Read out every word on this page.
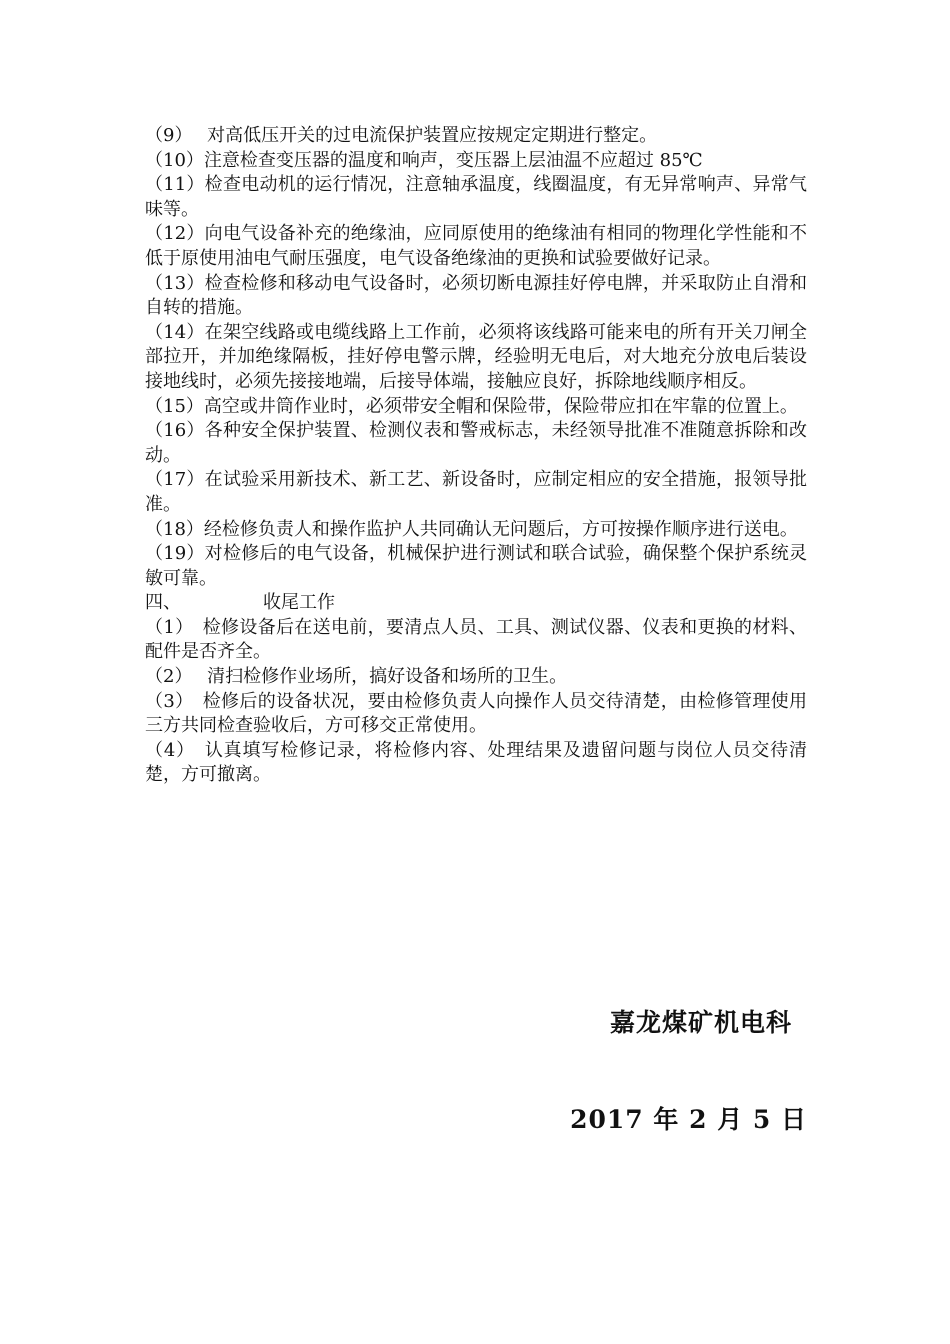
（9）　 对高低压开关的过电流保护装置应按规定定期进行整定。

（10）注意检查变压器的温度和响声，变压器上层油温不应超过 85℃

（11）检查电动机的运行情况，注意轴承温度，线圈温度，有无异常响声、异常气味等。

（12）向电气设备补充的绝缘油，应同原使用的绝缘油有相同的物理化学性能和不低于原使用油电气耐压强度，电气设备绝缘油的更换和试验要做好记录。

（13）检查检修和移动电气设备时，必须切断电源挂好停电牌，并采取防止自滑和自转的措施。

（14）在架空线路或电缆线路上工作前，必须将该线路可能来电的所有开关刀闸全部拉开，并加绝缘隔板，挂好停电警示牌，经验明无电后，对大地充分放电后装设接地线时，必须先接接地端，后接导体端，接触应良好，拆除地线顺序相反。

（15）高空或井筒作业时，必须带安全帽和保险带，保险带应扣在牢靠的位置上。

（16）各种安全保护装置、检测仪表和警戒标志，未经领导批准不准随意拆除和改动。

（17）在试验采用新技术、新工艺、新设备时，应制定相应的安全措施，报领导批准。

（18）经检修负责人和操作监护人共同确认无问题后，方可按操作顺序进行送电。

（19）对检修后的电气设备，机械保护进行测试和联合试验，确保整个保护系统灵敏可靠。

四、	收尾工作

（1）　检修设备后在送电前，要清点人员、工具、测试仪器、仪表和更换的材料、配件是否齐全。

（2）　 清扫检修作业场所，搞好设备和场所的卫生。

（3）　检修后的设备状况，要由检修负责人向操作人员交待清楚，由检修管理使用三方共同检查验收后，方可移交正常使用。

（4）　认真填写检修记录，将检修内容、处理结果及遗留问题与岗位人员交待清楚，方可撤离。

嘉龙煤矿机电科
2017 年 2 月 5 日
